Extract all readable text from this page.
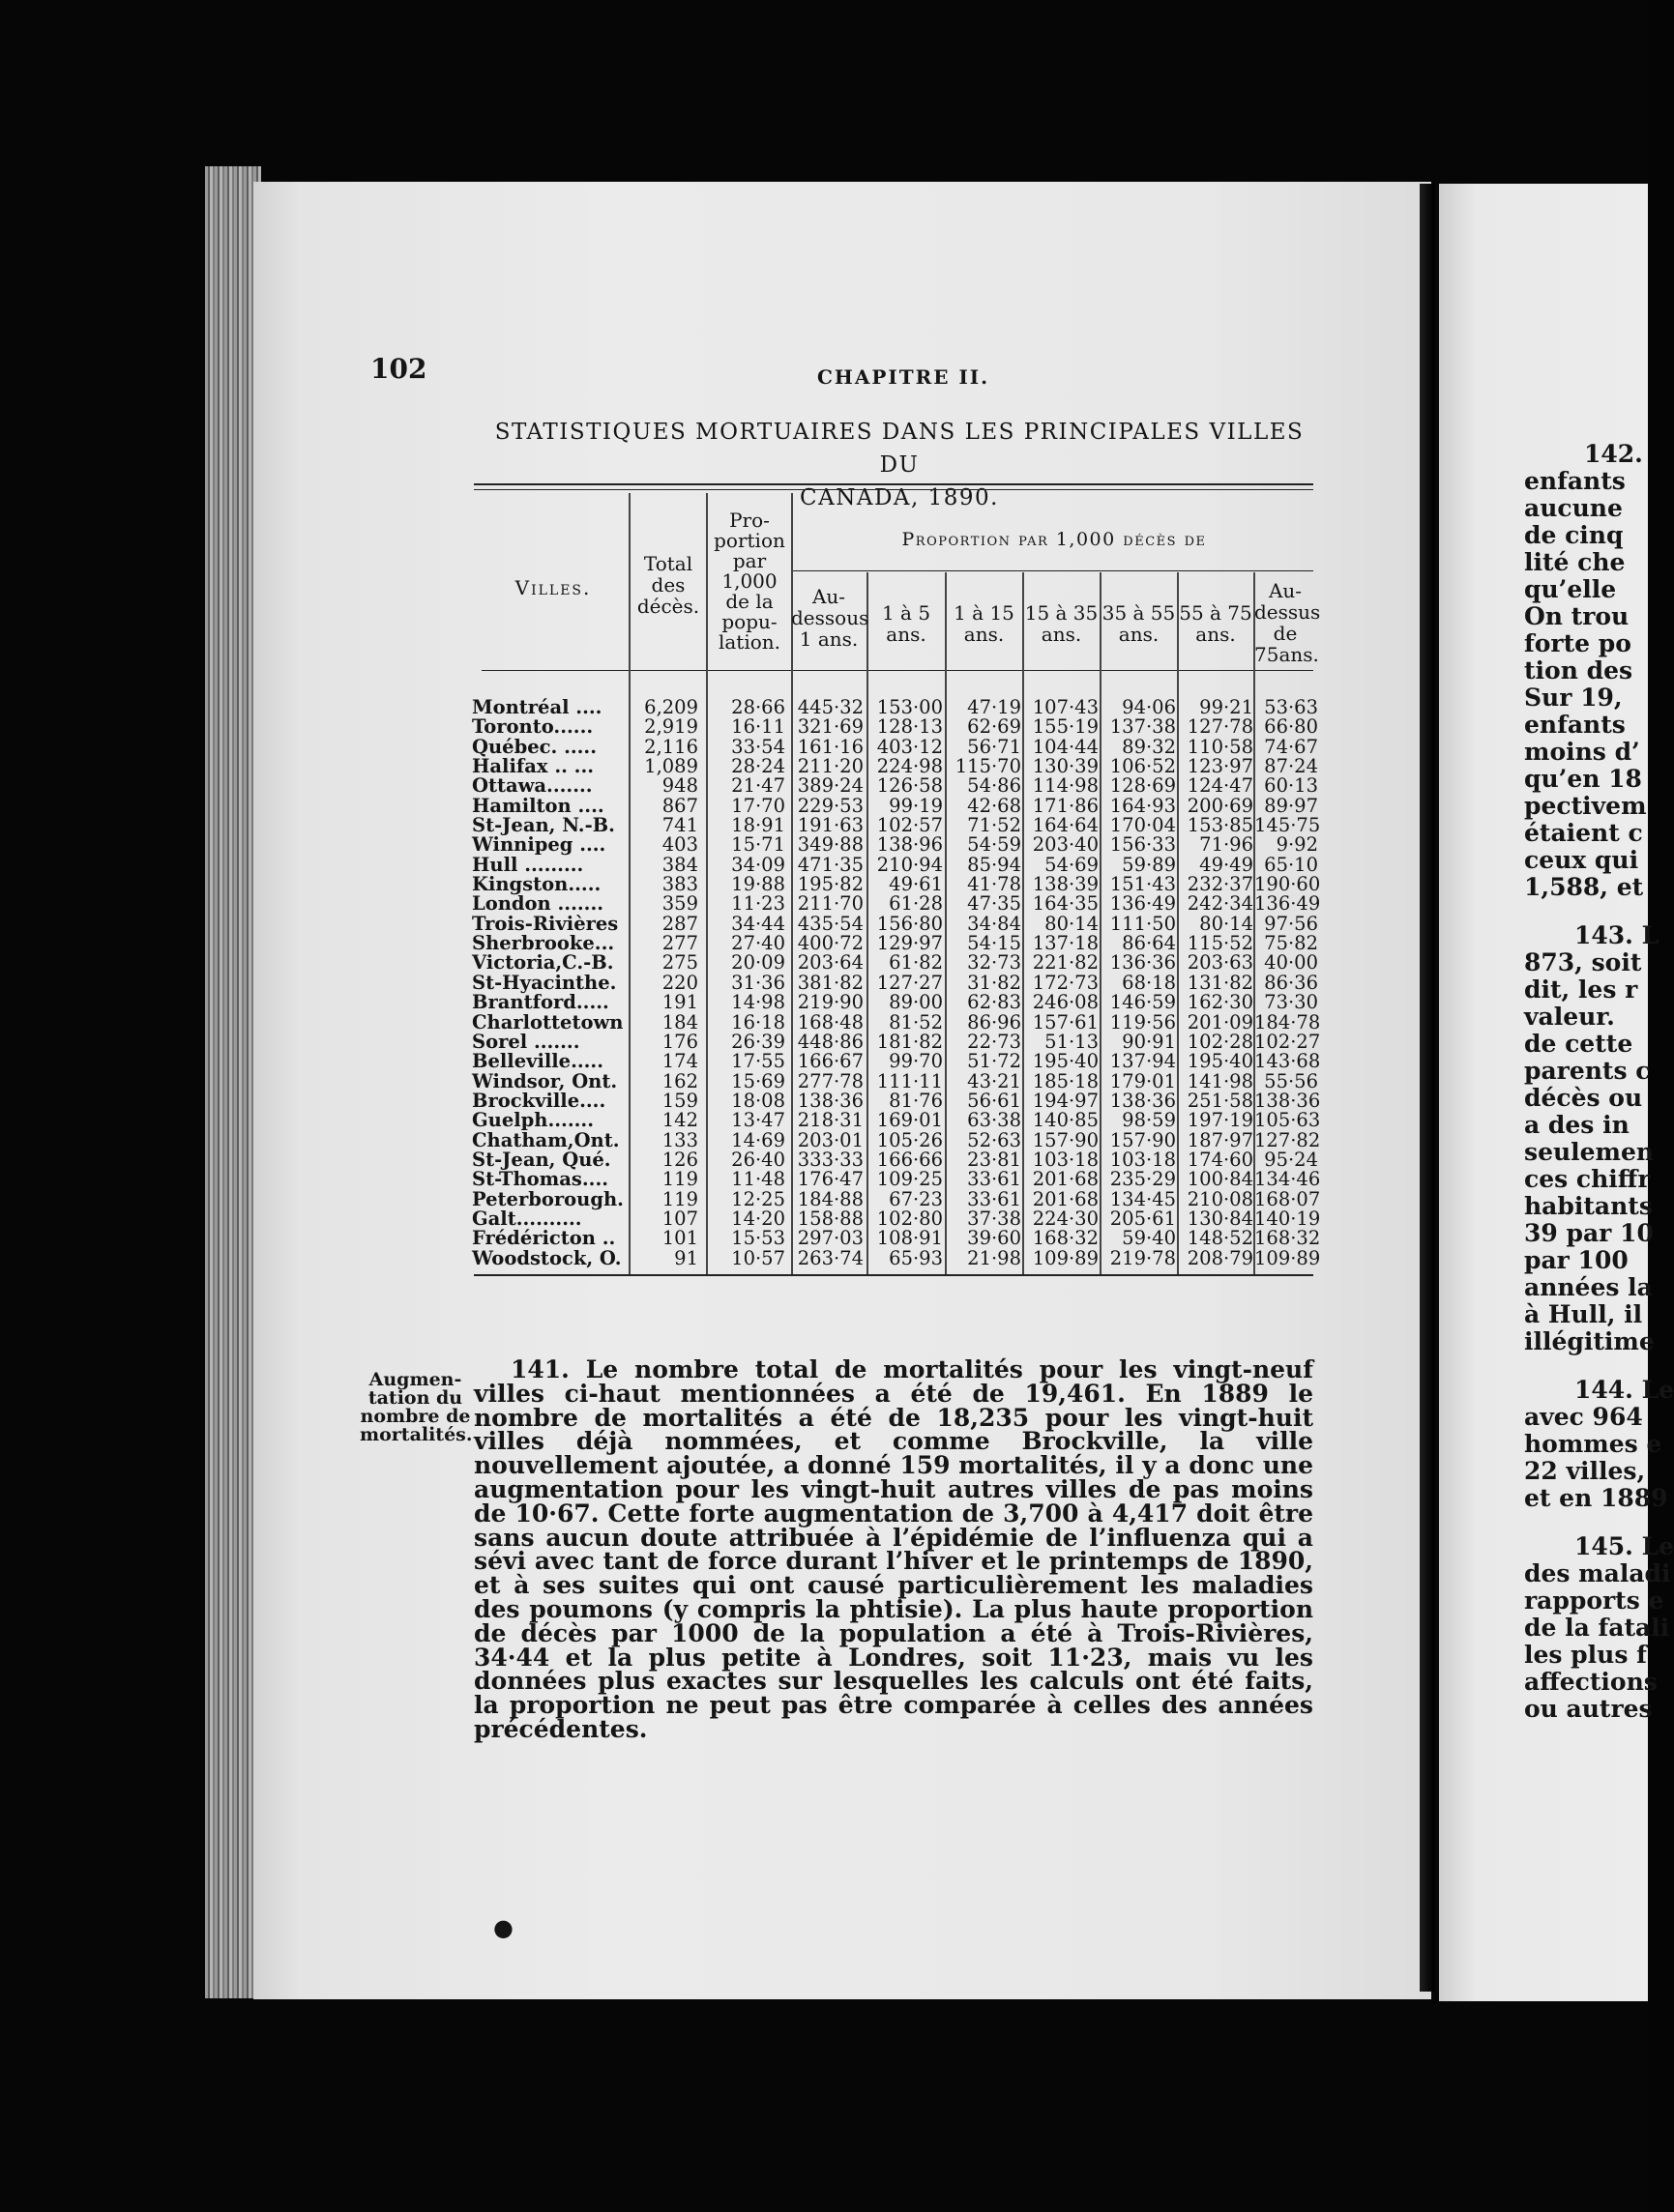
142.
enfants
aucune
de cinq
lité che
qu’elle
On trou
forte po
tion des
Sur 19,
enfants
moins d’
qu’en 18
pectivem
étaient c
ceux qui
1,588, et
143. L
873, soit
dit, les r
valeur.
de cette
parents c
décès ou
a des in
seulemen
ces chiffr
habitants
39 par 10
par 100
années la
à Hull, il
illégitime
144. Le
avec 964
hommes e
22 villes,
et en 1889
145. Le
des maladi
rapports e
de la fatali
les plus f
affections
ou autres
102	CHAPITRE II.
STATISTIQUES MORTUAIRES DANS LES PRINCIPALES VILLES DU
CANADA, 1890.
Villes.
Total
des
décès.
Pro-
portion
par
1,000
de la
popu-
lation.
Proportion par 1,000 décès de
Au-
dessous
1 ans.
1 à 5
ans.
1 à 15
ans.
15 à 35
ans.
35 à 55
ans.
55 à 75
ans.
Au-
dessus
de
75ans.
Montréal ....	6,209	28·66 445·32 153·00	47·19 107·43	94·06	99·21 53·63
Toronto......	2,919	16·11 321·69 128·13	62·69 155·19 137·38 127·78 66·80
Québec. .....	2,116	33·54 161·16 403·12	56·71 104·44	89·32 110·58 74·67
Halifax .. ...	1,089	28·24 211·20 224·98 115·70 130·39 106·52 123·97 87·24
Ottawa.......	948	21·47 389·24 126·58	54·86 114·98 128·69 124·47 60·13
Hamilton ....	867	17·70 229·53	99·19	42·68 171·86 164·93 200·69 89·97
St-Jean, N.-B.	741	18·91 191·63 102·57	71·52 164·64 170·04 153·85 145·75
Winnipeg ....	403	15·71 349·88 138·96	54·59 203·40 156·33	71·96	9·92
Hull .........	384	34·09 471·35 210·94	85·94	54·69	59·89	49·49 65·10
Kingston.....	383	19·88 195·82	49·61	41·78 138·39 151·43 232·37 190·60
London .......	359	11·23 211·70	61·28	47·35 164·35 136·49 242·34 136·49
Trois-Rivières	287	34·44 435·54 156·80	34·84	80·14 111·50	80·14 97·56
Sherbrooke...	277	27·40 400·72 129·97	54·15 137·18	86·64 115·52 75·82
Victoria,C.-B.	275	20·09 203·64	61·82	32·73 221·82 136·36 203·63 40·00
St-Hyacinthe.	220	31·36 381·82 127·27	31·82 172·73	68·18 131·82 86·36
Brantford.....	191	14·98 219·90	89·00	62·83 246·08 146·59 162·30 73·30
Charlottetown	184	16·18 168·48	81·52	86·96 157·61 119·56 201·09 184·78
Sorel .......	176	26·39 448·86 181·82	22·73	51·13	90·91 102·28 102·27
Belleville.....	174	17·55 166·67	99·70	51·72 195·40 137·94 195·40 143·68
Windsor, Ont.	162	15·69 277·78 111·11	43·21 185·18 179·01 141·98 55·56
Brockville....	159	18·08 138·36	81·76	56·61 194·97 138·36 251·58 138·36
Guelph.......	142	13·47 218·31 169·01	63·38 140·85	98·59 197·19 105·63
Chatham,Ont.	133	14·69 203·01 105·26	52·63 157·90 157·90 187·97 127·82
St-Jean, Qué.	126	26·40 333·33 166·66	23·81 103·18 103·18 174·60 95·24
St-Thomas....	119	11·48 176·47 109·25	33·61 201·68 235·29 100·84 134·46
Peterborough.	119	12·25 184·88	67·23	33·61 201·68 134·45 210·08 168·07
Galt..........	107	14·20 158·88 102·80	37·38 224·30 205·61 130·84 140·19
Frédéricton ..	101	15·53 297·03 108·91	39·60 168·32	59·40 148·52 168·32
Woodstock, O.	91	10·57 263·74	65·93	21·98 109·89 219·78 208·79 109·89
Augmen-
tation du
nombre de
mortalités.
141. Le nombre total de mortalités pour les vingt-neuf villes ci-haut mentionnées a été de 19,461. En 1889 le nombre de mortalités a été de 18,235 pour les vingt-huit villes déjà nommées, et comme Brockville, la ville nouvellement ajoutée, a donné 159 mortalités, il y a donc une augmentation pour les vingt-huit autres villes de pas moins de 10·67. Cette forte augmentation de 3,700 à 4,417 doit être sans aucun doute attribuée à l’épidémie de l’influenza qui a sévi avec tant de force durant l’hiver et le printemps de 1890, et à ses suites qui ont causé particulièrement les maladies des poumons (y compris la phtisie). La plus haute proportion de décès par 1000 de la population a été à Trois-Rivières, 34·44 et la plus petite à Londres, soit 11·23, mais vu les données plus exactes sur lesquelles les calculs ont été faits, la proportion ne peut pas être comparée à celles des années précédentes.
●
